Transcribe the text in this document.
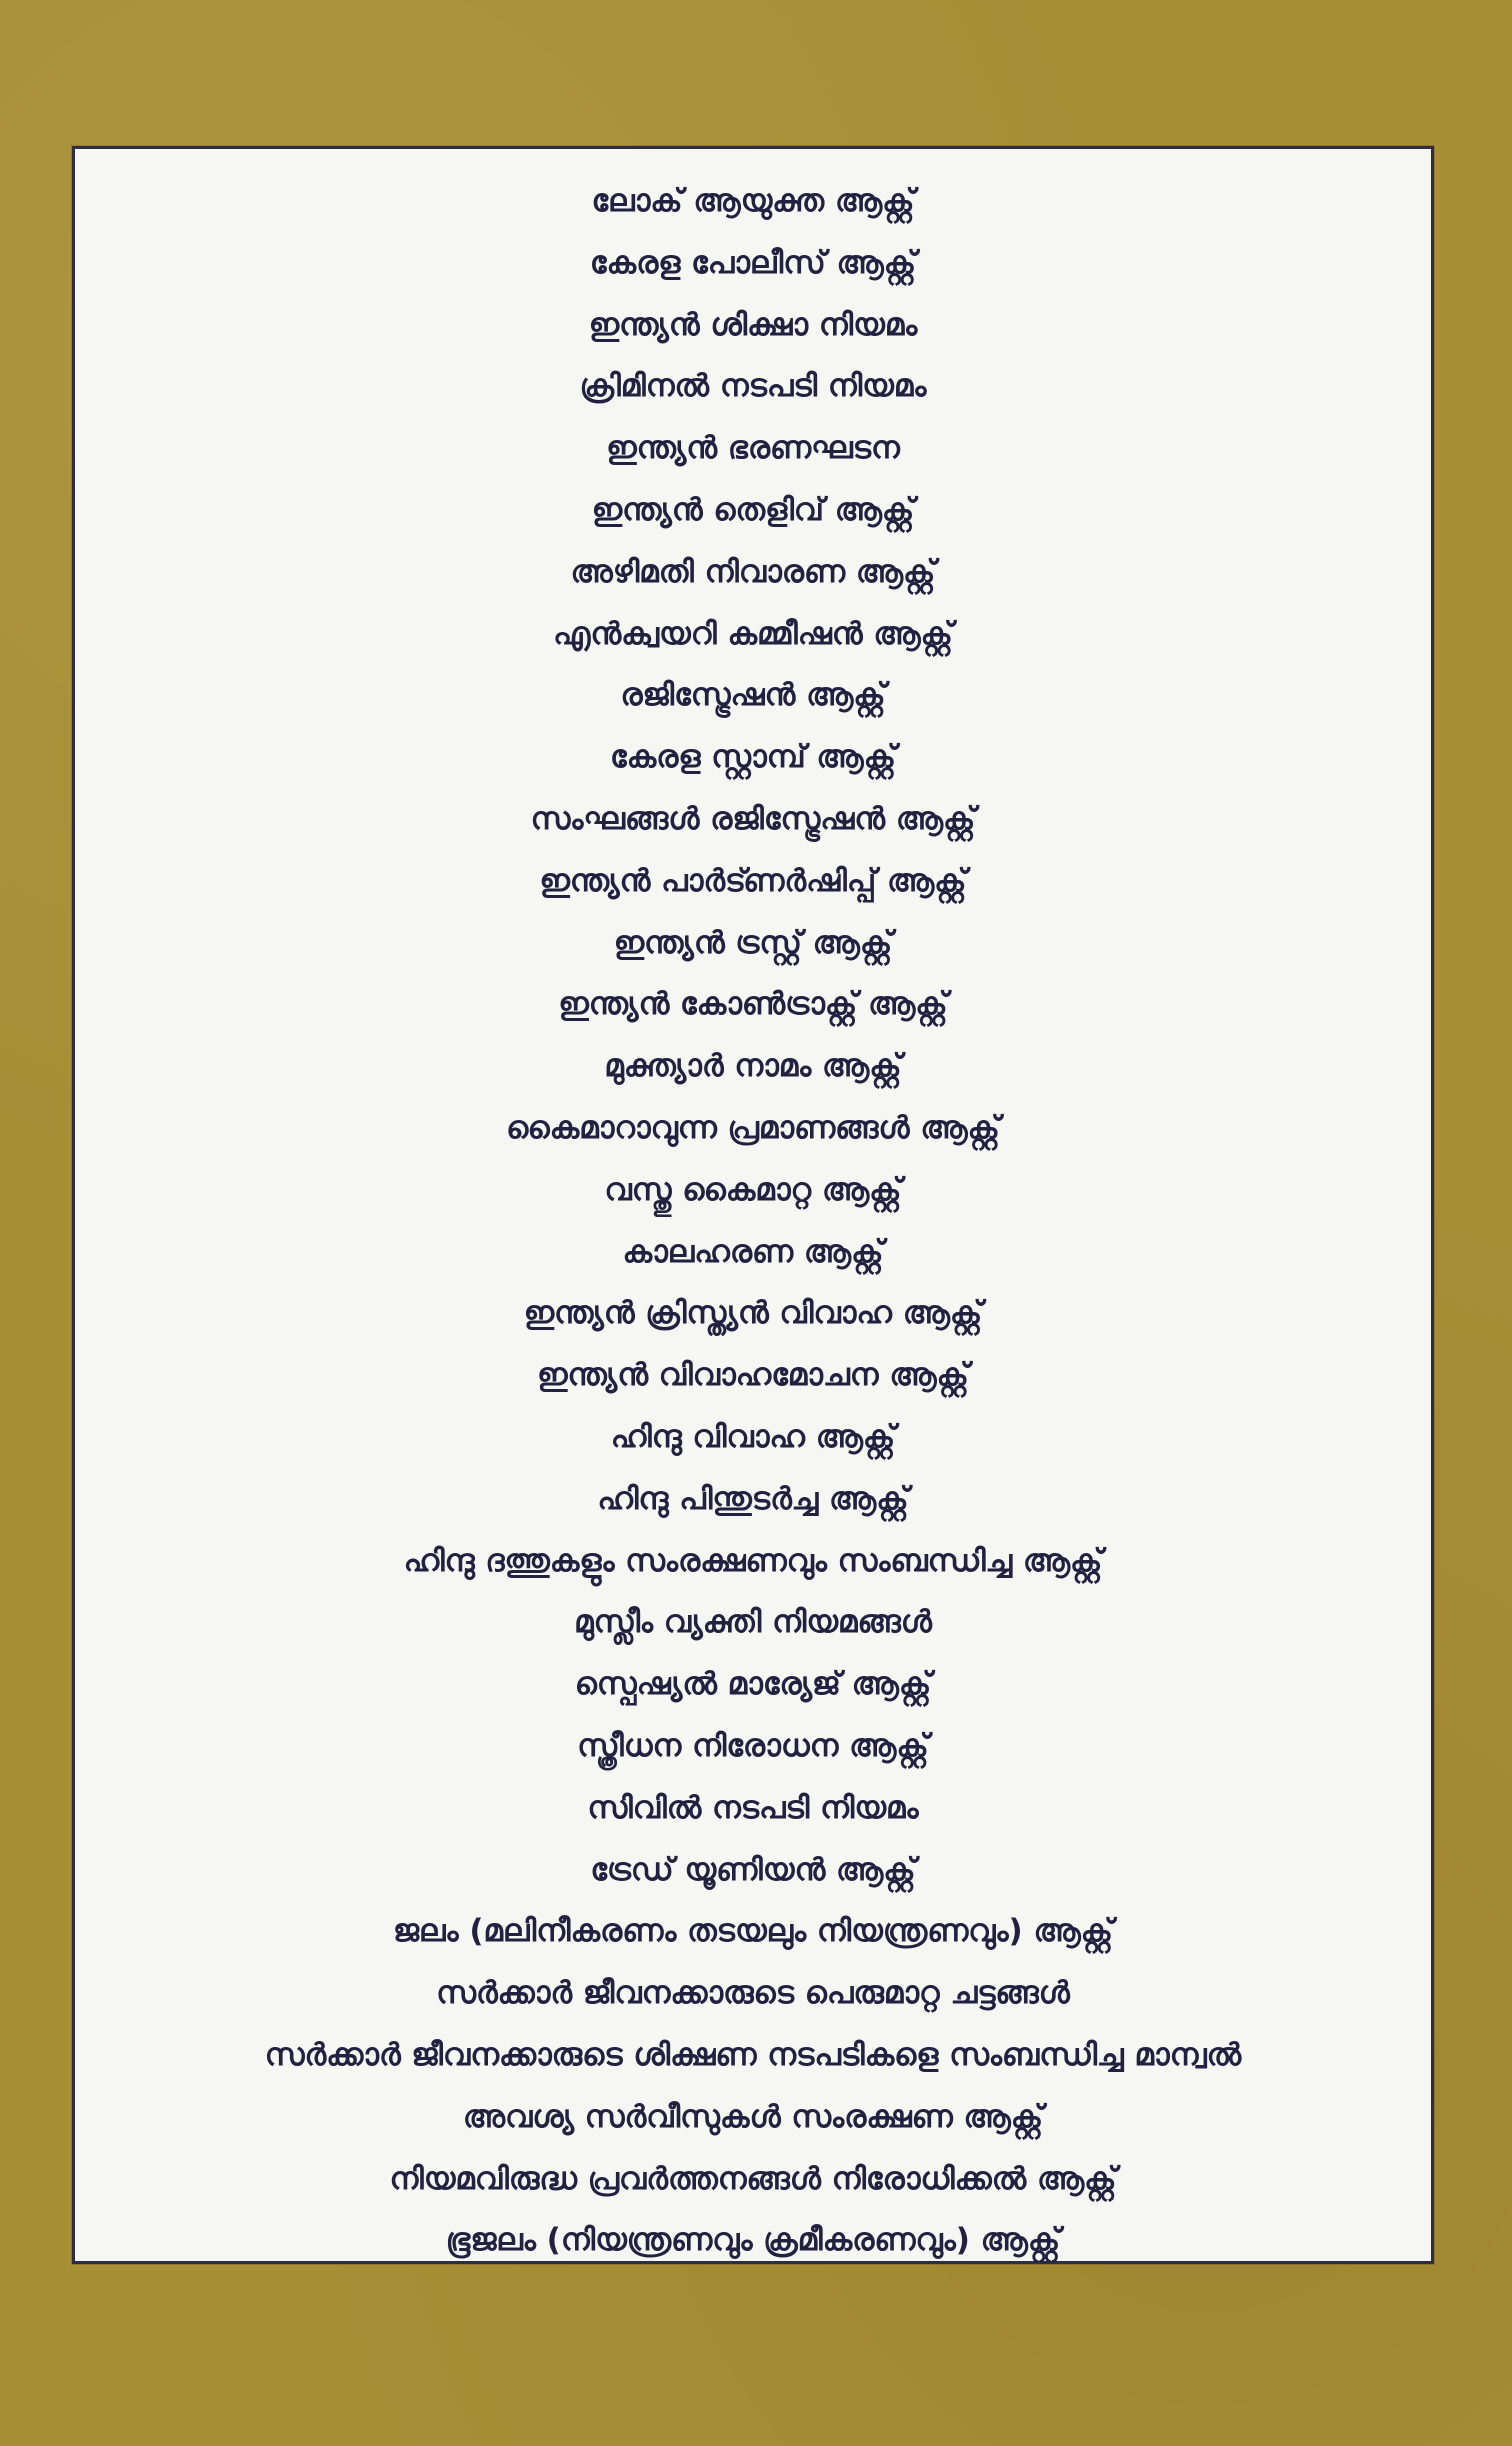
ലോക് ആയുക്ത ആക്റ്റ്
കേരള പോലീസ് ആക്റ്റ്
ഇന്ത്യൻ ശിക്ഷാ നിയമം
ക്രിമിനൽ നടപടി നിയമം
ഇന്ത്യൻ ഭരണഘടന
ഇന്ത്യൻ തെളിവ് ആക്റ്റ്
അഴിമതി നിവാരണ ആക്റ്റ്
എൻക്വയറി കമ്മീഷൻ ആക്റ്റ്
രജിസ്ട്രേഷൻ ആക്റ്റ്
കേരള സ്റ്റാമ്പ് ആക്റ്റ്
സംഘങ്ങൾ രജിസ്ട്രേഷൻ ആക്റ്റ്
ഇന്ത്യൻ പാർട്ണർഷിപ്പ് ആക്റ്റ്
ഇന്ത്യൻ ട്രസ്റ്റ് ആക്റ്റ്
ഇന്ത്യൻ കോൺട്രാക്റ്റ് ആക്റ്റ്
മുക്ത്യാർ നാമം ആക്റ്റ്
കൈമാറാവുന്ന പ്രമാണങ്ങൾ ആക്റ്റ്
വസ്തു കൈമാറ്റ ആക്റ്റ്
കാലഹരണ ആക്റ്റ്
ഇന്ത്യൻ ക്രിസ്ത്യൻ വിവാഹ ആക്റ്റ്
ഇന്ത്യൻ വിവാഹമോചന ആക്റ്റ്
ഹിന്ദു വിവാഹ ആക്റ്റ്
ഹിന്ദു പിന്തുടർച്ച ആക്റ്റ്
ഹിന്ദു ദത്തുകളും സംരക്ഷണവും സംബന്ധിച്ച ആക്റ്റ്
മുസ്ലീം വ്യക്തി നിയമങ്ങൾ
സ്പെഷ്യൽ മാര്യേജ് ആക്റ്റ്
സ്ത്രീധന നിരോധന ആക്റ്റ്
സിവിൽ നടപടി നിയമം
ട്രേഡ് യൂണിയൻ ആക്റ്റ്
ജലം (മലിനീകരണം തടയലും നിയന്ത്രണവും) ആക്റ്റ്
സർക്കാർ ജീവനക്കാരുടെ പെരുമാറ്റ ചട്ടങ്ങൾ
സർക്കാർ ജീവനക്കാരുടെ ശിക്ഷണ നടപടികളെ സംബന്ധിച്ച മാന്വൽ
അവശ്യ സർവീസുകൾ സംരക്ഷണ ആക്റ്റ്
നിയമവിരുദ്ധ പ്രവർത്തനങ്ങൾ നിരോധിക്കൽ ആക്റ്റ്
ഭൂജലം (നിയന്ത്രണവും ക്രമീകരണവും) ആക്റ്റ്
